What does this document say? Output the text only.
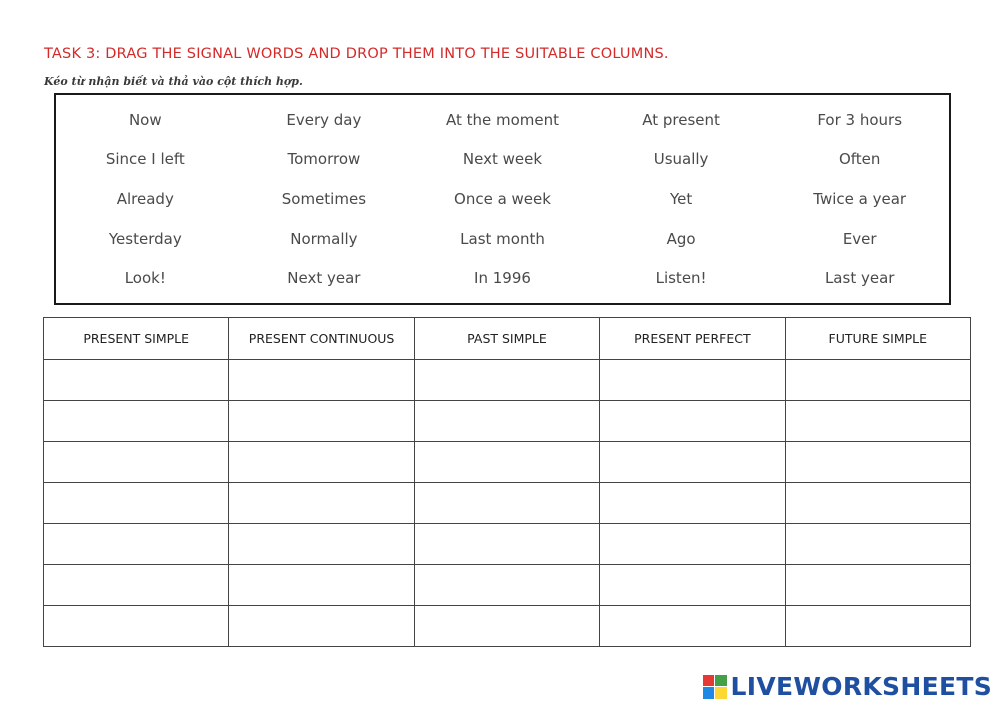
TASK 3: DRAG THE SIGNAL WORDS AND DROP THEM INTO THE SUITABLE COLUMNS.
Kéo từ nhận biết và thả vào cột thích hợp.
Now	Every day	At the moment	At present	For 3 hours
Since I left	Tomorrow	Next week	Usually	Often
Already	Sometimes	Once a week	Yet	Twice a year
Yesterday	Normally	Last month	Ago	Ever
Look!	Next year	In 1996	Listen!	Last year
PRESENT SIMPLE	PRESENT CONTINUOUS	PAST SIMPLE	PRESENT PERFECT	FUTURE SIMPLE

LIVEWORKSHEETS
